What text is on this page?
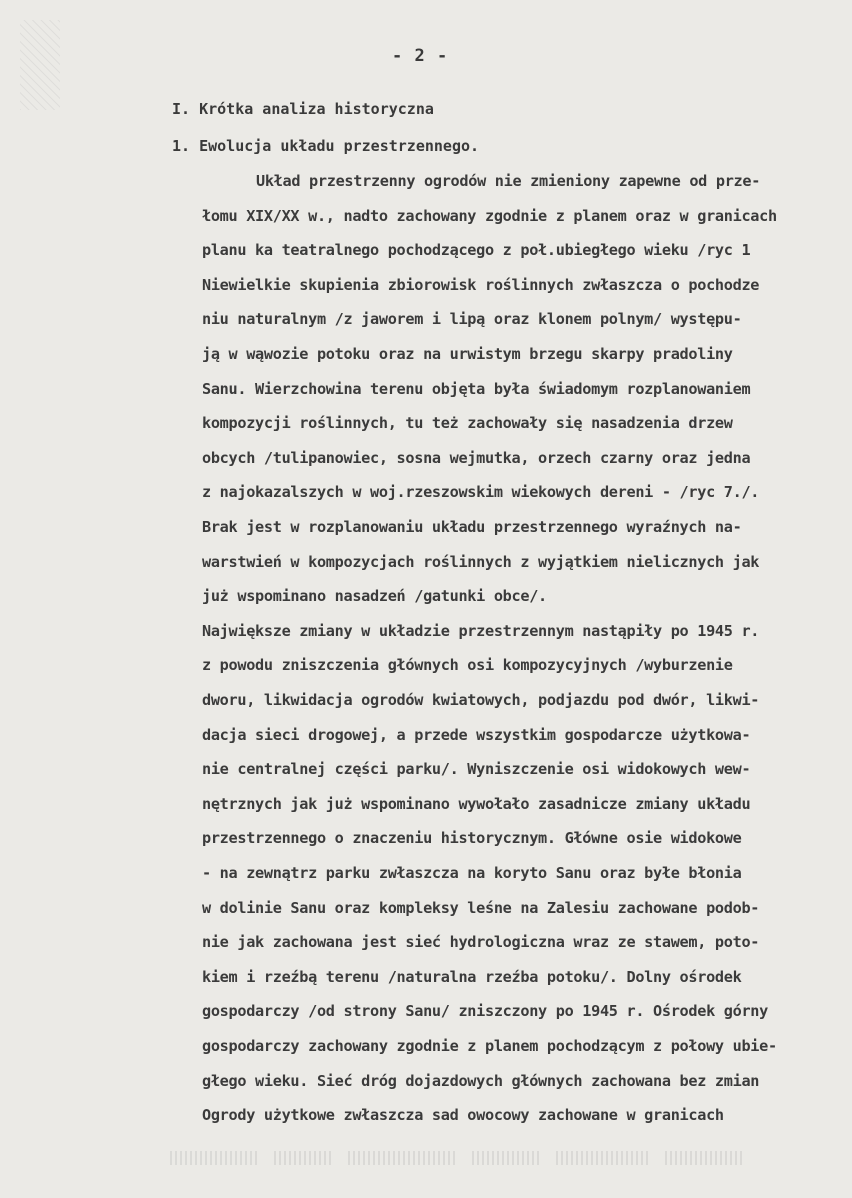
- 2 -
I. Krótka analiza historyczna
1. Ewolucja układu przestrzennego.
Układ przestrzenny ogrodów nie zmieniony zapewne od prze-
łomu XIX/XX w., nadto zachowany zgodnie z planem oraz w granicach
planu ka teatralnego pochodzącego z poł.ubiegłego wieku /ryc 1
Niewielkie skupienia zbiorowisk roślinnych zwłaszcza o pochodze
niu naturalnym /z jaworem i lipą oraz klonem polnym/ występu-
ją w wąwozie potoku oraz na urwistym brzegu skarpy pradoliny
Sanu. Wierzchowina terenu objęta była świadomym rozplanowaniem
kompozycji roślinnych, tu też zachowały się nasadzenia drzew
obcych /tulipanowiec, sosna wejmutka, orzech czarny oraz jedna
z najokazalszych w woj.rzeszowskim wiekowych dereni - /ryc 7./.
Brak jest w rozplanowaniu układu przestrzennego wyraźnych na-
warstwień w kompozycjach roślinnych z wyjątkiem nielicznych jak
już wspominano nasadzeń /gatunki obce/.
Największe zmiany w układzie przestrzennym nastąpiły po 1945 r.
z powodu zniszczenia głównych osi kompozycyjnych /wyburzenie
dworu, likwidacja ogrodów kwiatowych, podjazdu pod dwór, likwi-
dacja sieci drogowej, a przede wszystkim gospodarcze użytkowa-
nie centralnej części parku/. Wyniszczenie osi widokowych wew-
nętrznych jak już wspominano wywołało zasadnicze zmiany układu
przestrzennego o znaczeniu historycznym. Główne osie widokowe
- na zewnątrz parku zwłaszcza na koryto Sanu oraz byłe błonia
w dolinie Sanu oraz kompleksy leśne na Zalesiu zachowane podob-
nie jak zachowana jest sieć hydrologiczna wraz ze stawem, poto-
kiem i rzeźbą terenu /naturalna rzeźba potoku/. Dolny ośrodek
gospodarczy /od strony Sanu/ zniszczony po 1945 r. Ośrodek górny
gospodarczy zachowany zgodnie z planem pochodzącym z połowy ubie-
głego wieku. Sieć dróg dojazdowych głównych zachowana bez zmian
Ogrody użytkowe zwłaszcza sad owocowy zachowane w granicach
